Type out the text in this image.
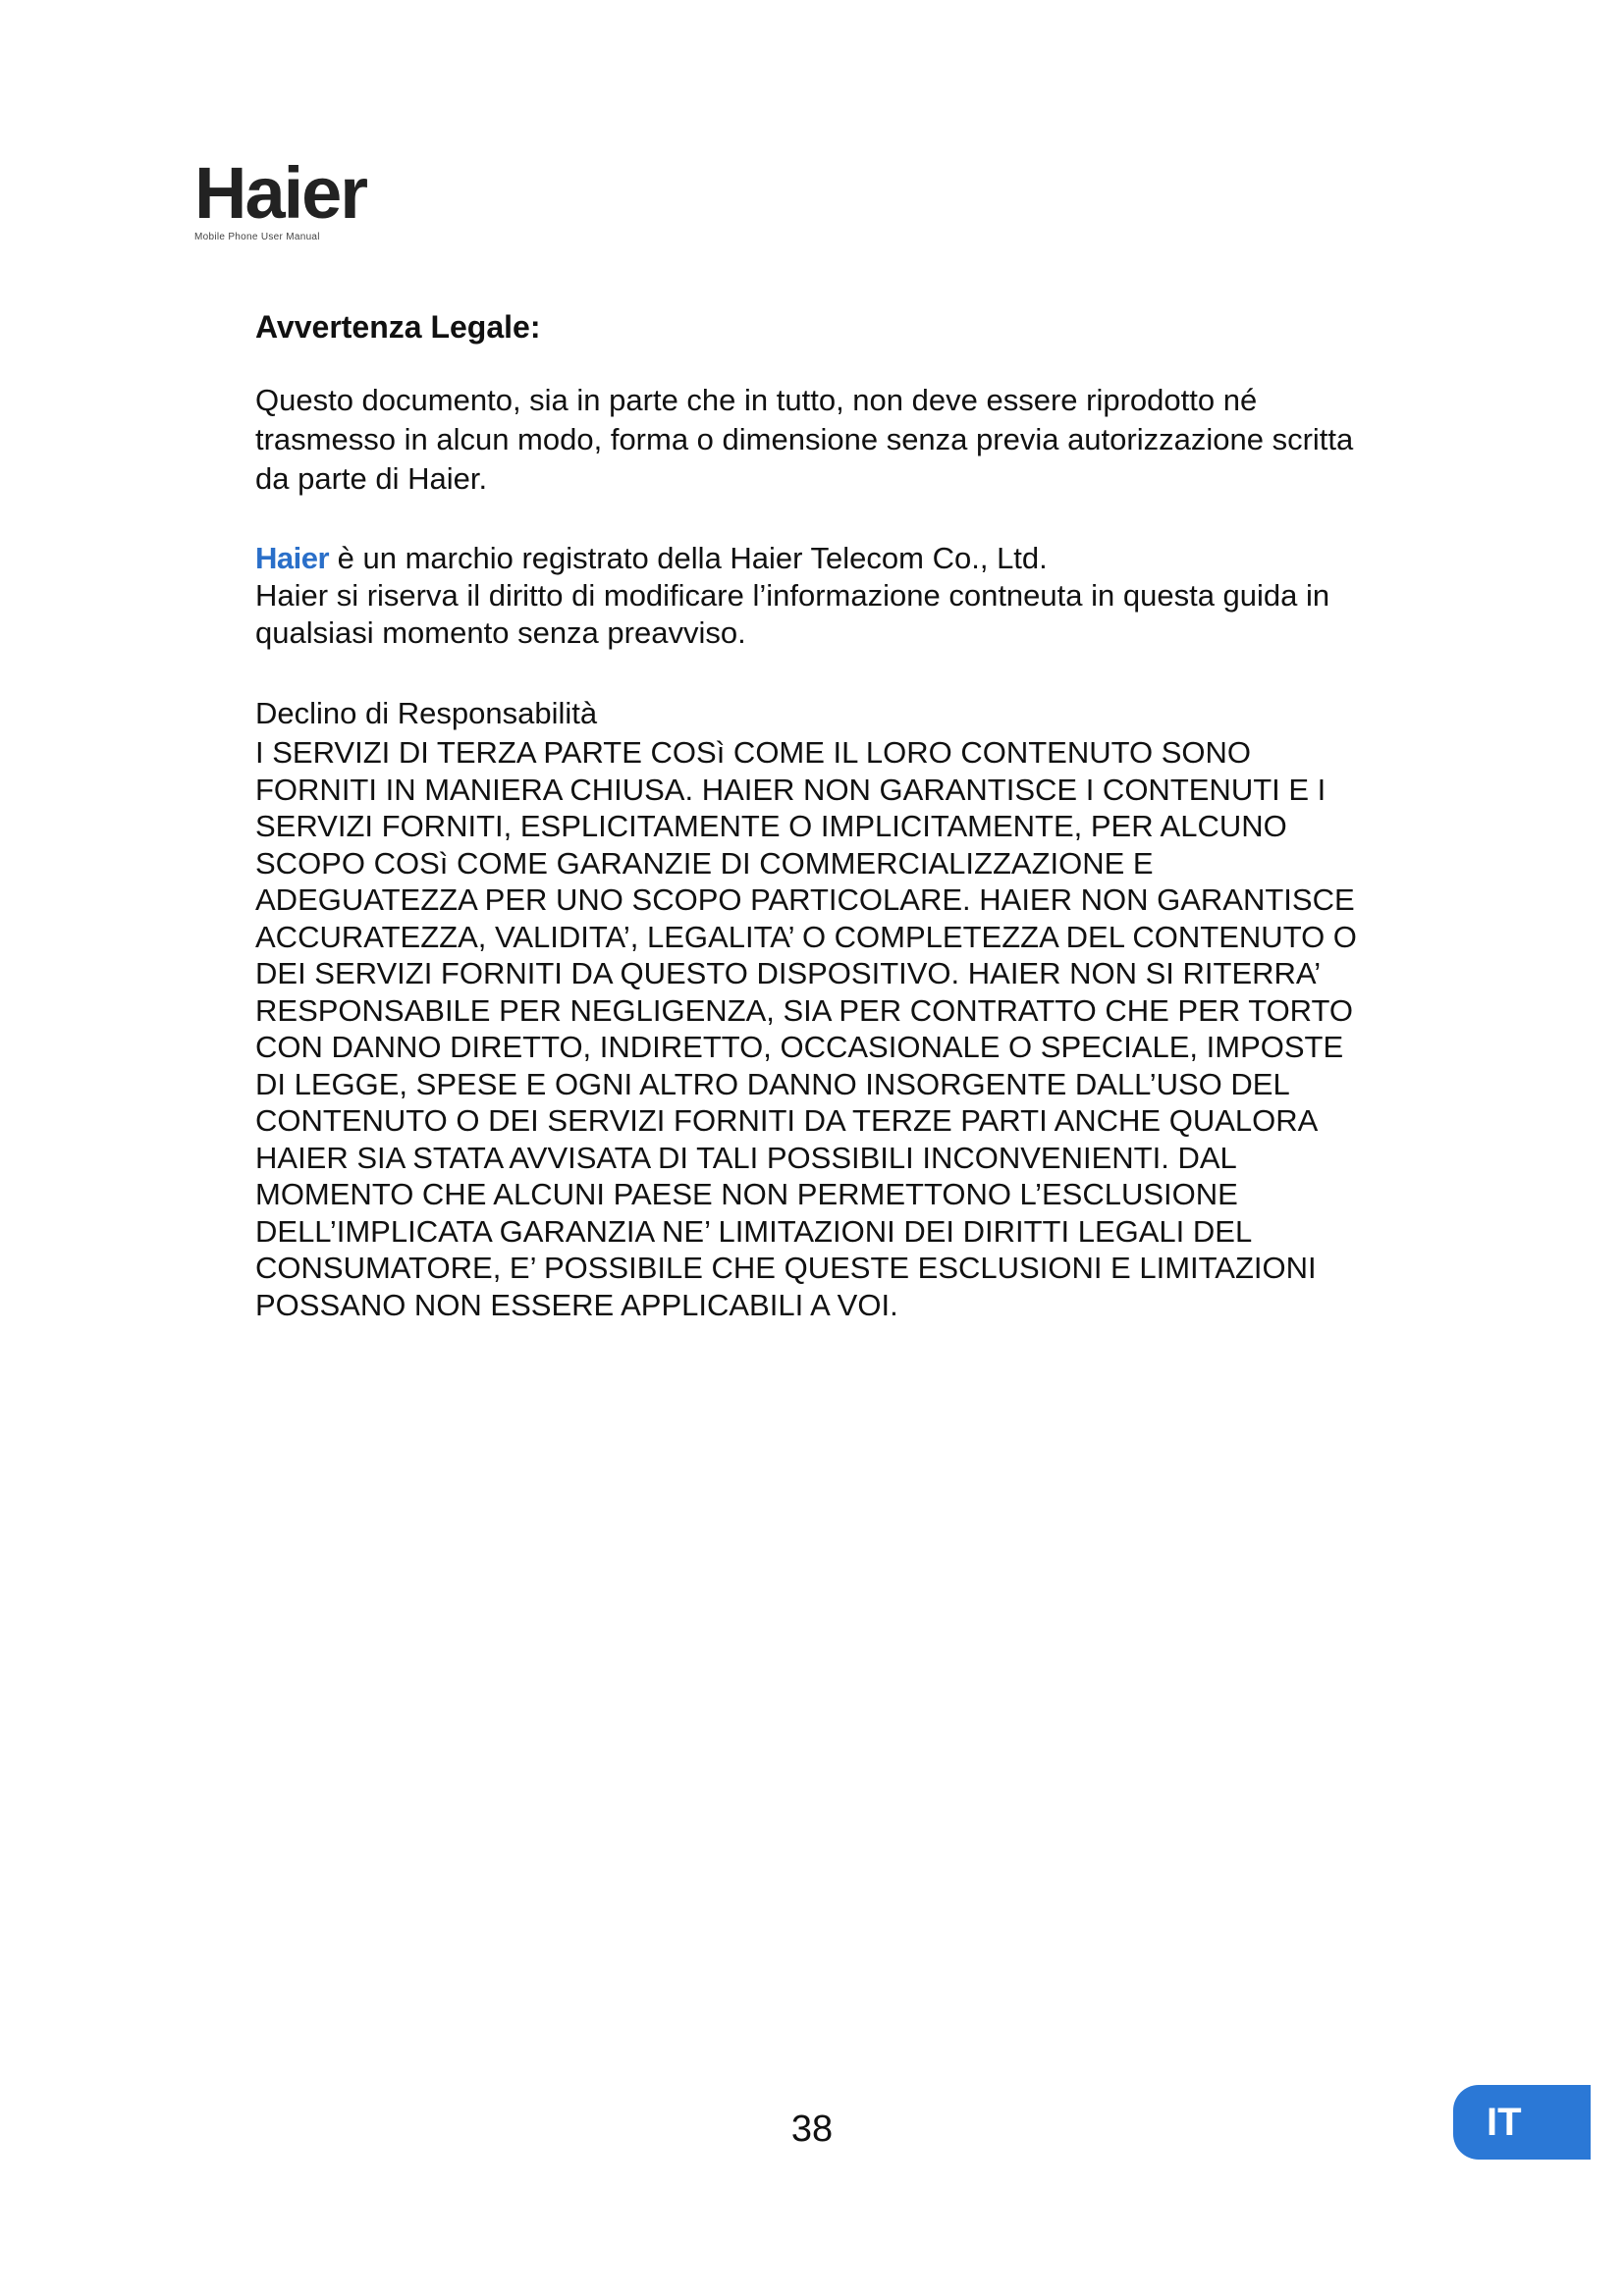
Haier
Mobile Phone User Manual
Avvertenza Legale:

Questo documento, sia in parte che in tutto, non deve essere riprodotto né trasmesso in alcun modo, forma o dimensione senza previa autorizzazione scritta da parte di Haier.

Haier è un marchio registrato della Haier Telecom Co., Ltd.
Haier si riserva il diritto di modificare l’informazione contneuta in questa guida in qualsiasi momento senza preavviso.
Declino di Responsabilità

I SERVIZI DI TERZA PARTE COSì COME IL LORO CONTENUTO SONO FORNITI IN MANIERA CHIUSA. HAIER NON GARANTISCE I CONTENUTI E I SERVIZI FORNITI, ESPLICITAMENTE O IMPLICITAMENTE, PER ALCUNO SCOPO COSì COME GARANZIE DI COMMERCIALIZZAZIONE E ADEGUATEZZA PER UNO SCOPO PARTICOLARE. HAIER NON GARANTISCE ACCURATEZZA, VALIDITA’, LEGALITA’ O COMPLETEZZA DEL CONTENUTO O DEI SERVIZI FORNITI DA QUESTO DISPOSITIVO. HAIER NON SI RITERRA’ RESPONSABILE PER NEGLIGENZA, SIA PER CONTRATTO CHE PER TORTO CON DANNO DIRETTO, INDIRETTO, OCCASIONALE O SPECIALE, IMPOSTE DI LEGGE, SPESE E OGNI ALTRO DANNO INSORGENTE DALL’USO DEL CONTENUTO O DEI SERVIZI FORNITI DA TERZE PARTI ANCHE QUALORA HAIER SIA STATA AVVISATA DI TALI POSSIBILI INCONVENIENTI. DAL MOMENTO CHE ALCUNI PAESE NON PERMETTONO L’ESCLUSIONE DELL’IMPLICATA GARANZIA NE’ LIMITAZIONI DEI DIRITTI LEGALI DEL CONSUMATORE, E’ POSSIBILE CHE QUESTE ESCLUSIONI E LIMITAZIONI POSSANO NON ESSERE APPLICABILI A VOI.

38	IT
